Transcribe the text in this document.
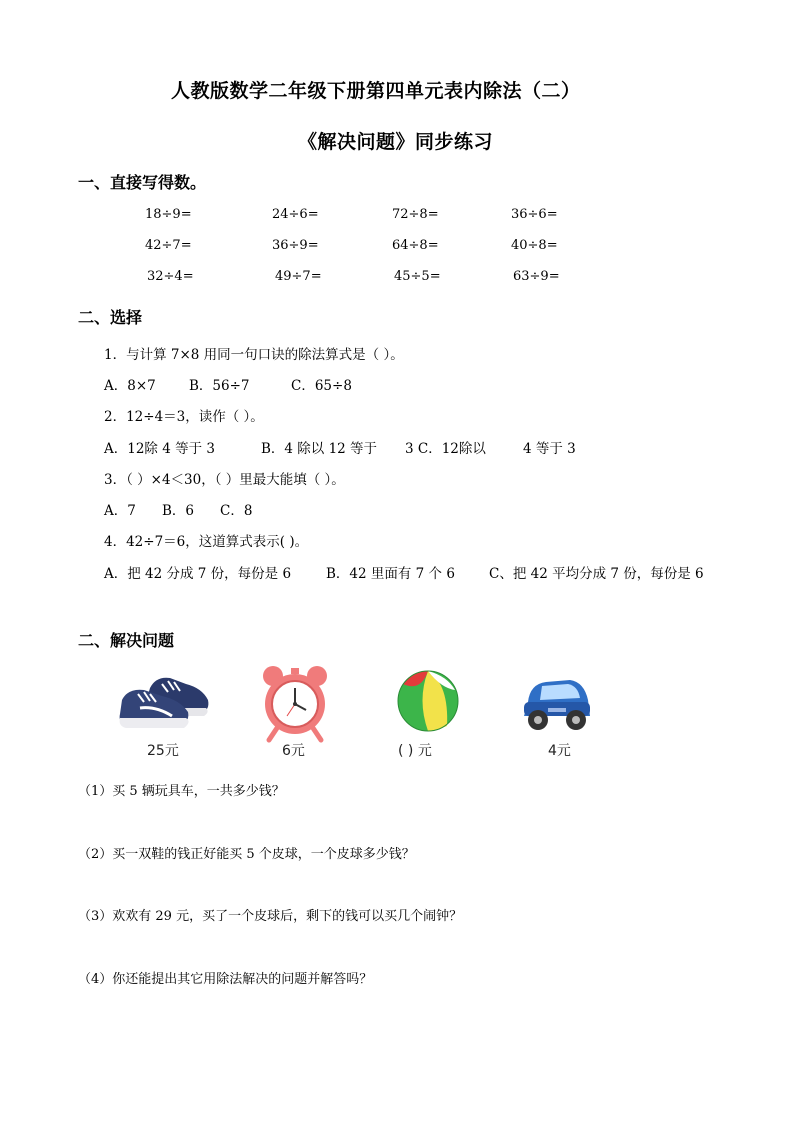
人教版数学二年级下册第四单元表内除法（二）
《解决问题》同步练习
一、直接写得数。
18÷9=	24÷6=	72÷8=	36÷6=
42÷7=	36÷9=	64÷8=	40÷8=
32÷4=	49÷7=	45÷5=	63÷9=
二、选择
1．与计算 7×8 用同一句口诀的除法算式是（ ）。
A．8×7 B．56÷7	C．65÷8
2．12÷4＝3，读作（ ）。
A．12除 4 等于 3	B．4 除以 12 等于 3 C．12除以	4 等于 3
3．（ ）×4＜30，（ ）里最大能填（ ）。
A．7 B．6 C．8
4．42÷7＝6，这道算式表示( )。
A．把 42 分成 7 份，每份是 6	B．42 里面有 7 个 6	C、把 42 平均分成 7 份，每份是 6
二、解决问题
25元	6元	( ) 元	4元
（1）买 5 辆玩具车，一共多少钱？
（2）买一双鞋的钱正好能买 5 个皮球，一个皮球多少钱？
（3）欢欢有 29 元，买了一个皮球后，剩下的钱可以买几个闹钟？
（4）你还能提出其它用除法解决的问题并解答吗？
